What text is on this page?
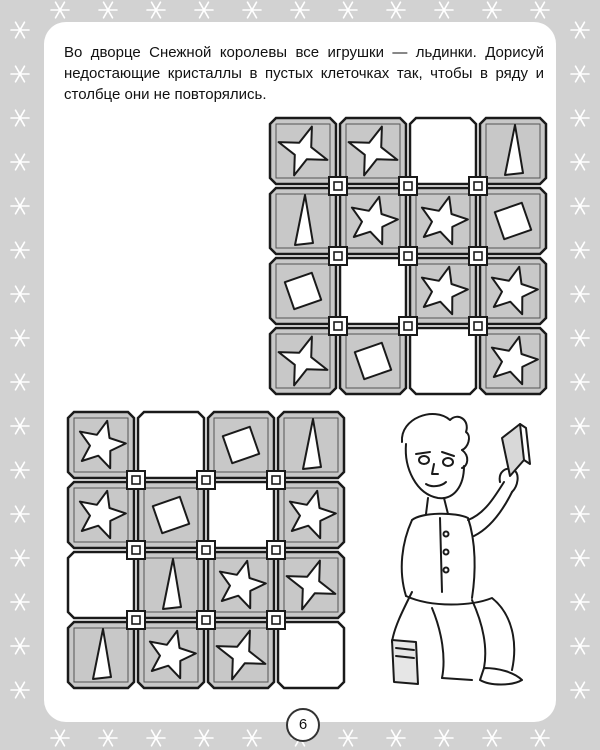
Во дворце Снежной королевы все игрушки — льдинки. Дорисуй недостающие кристаллы в пустых клеточках так, чтобы в ряду и столбце они не повторялись.

6
